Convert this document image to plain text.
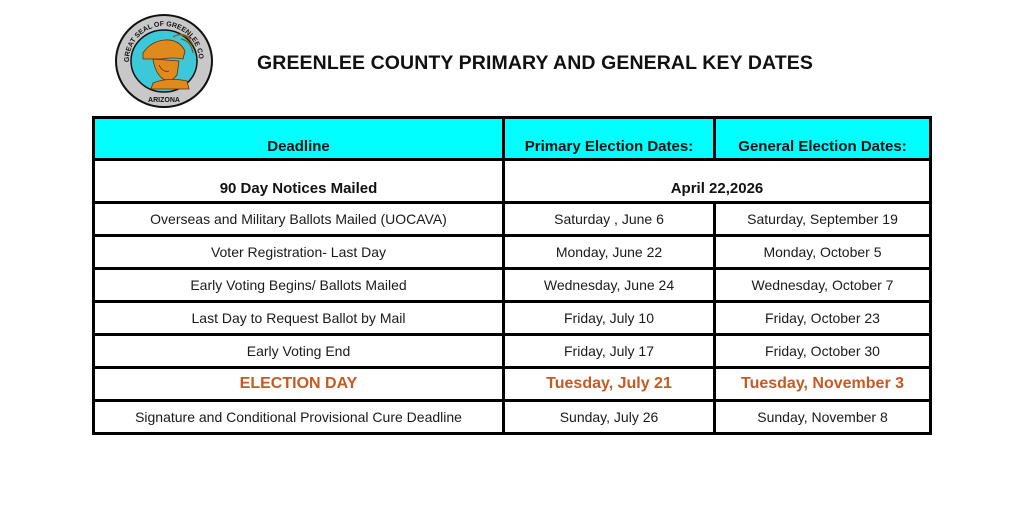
GREAT SEAL OF GREENLEE CO
ARIZONA
GREENLEE COUNTY PRIMARY AND GENERAL KEY DATES
Deadline	Primary Election Dates:	General Election Dates:
90 Day Notices Mailed	April 22,2026	
Overseas and Military Ballots Mailed (UOCAVA)	Saturday , June 6	Saturday, September 19
Voter Registration- Last Day	Monday, June 22	Monday, October 5
Early Voting Begins/ Ballots Mailed	Wednesday, June 24	Wednesday, October 7
Last Day to Request Ballot by Mail	Friday, July 10	Friday, October 23
Early Voting End	Friday, July 17	Friday, October 30
ELECTION DAY	Tuesday, July 21	Tuesday, November 3
Signature and Conditional Provisional Cure Deadline	Sunday, July 26	Sunday, November 8
